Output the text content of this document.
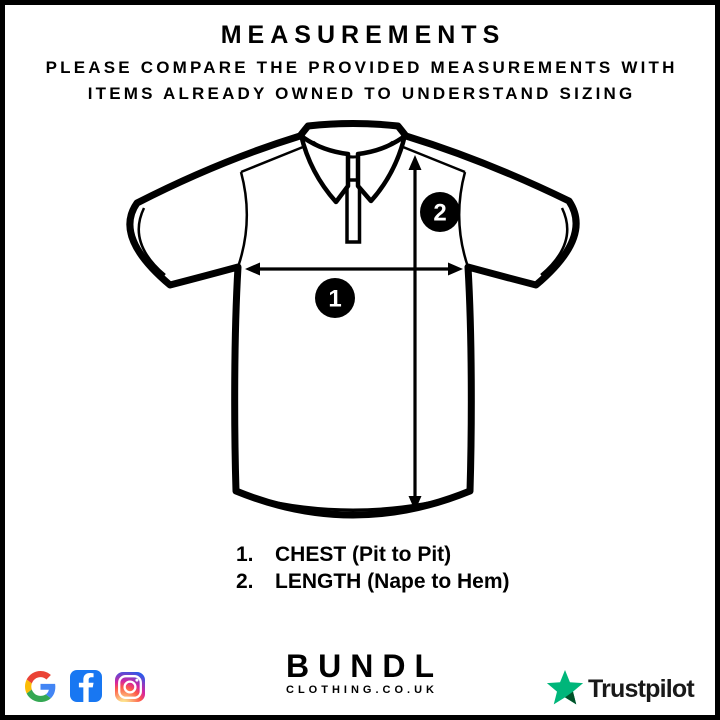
MEASUREMENTS

PLEASE COMPARE THE PROVIDED MEASUREMENTS WITH

ITEMS ALREADY OWNED TO UNDERSTAND SIZING

1
2
1.	CHEST (Pit to Pit)
2.	LENGTH (Nape to Hem)

BUNDL

CLOTHING.CO.UK	Trustpilot
